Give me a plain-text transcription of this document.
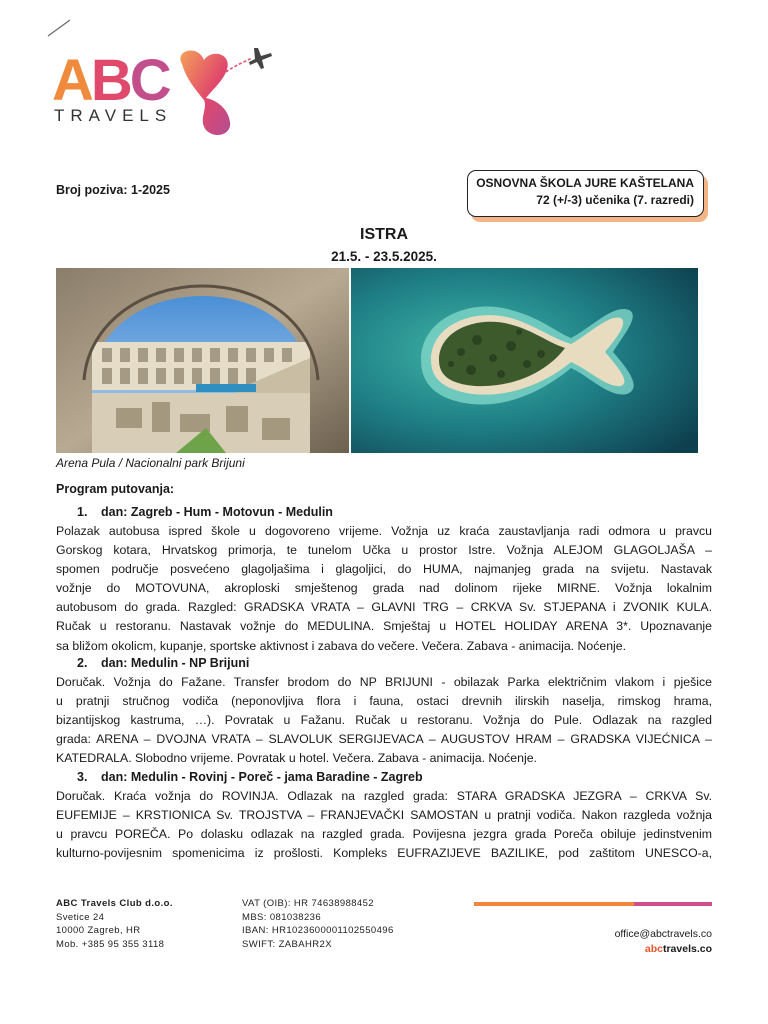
ABC
TRAVELS
Broj poziva: 1-2025	OSNOVNA ŠKOLA JURE KAŠTELANA
72 (+/-3) učenika (7. razredi)
ISTRA
21.5. - 23.5.2025.
Arena Pula / Nacionalni park Brijuni
Program putovanja:
1. dan: Zagreb - Hum - Motovun - Medulin
Polazak autobusa ispred škole u dogovoreno vrijeme. Vožnja uz kraća zaustavljanja radi odmora u pravcu
Gorskog kotara, Hrvatskog primorja, te tunelom Učka u prostor Istre. Vožnja ALEJOM GLAGOLJAŠA –
spomen područje posvećeno glagoljašima i glagoljici, do HUMA, najmanjeg grada na svijetu. Nastavak
vožnje do MOTOVUNA, akroploski smještenog grada nad dolinom rijeke MIRNE. Vožnja lokalnim
autobusom do grada. Razgled: GRADSKA VRATA – GLAVNI TRG – CRKVA Sv. STJEPANA i ZVONIK KULA.
Ručak u restoranu. Nastavak vožnje do MEDULINA. Smještaj u HOTEL HOLIDAY ARENA 3*. Upoznavanje
sa bližom okolicm, kupanje, sportske aktivnost i zabava do večere. Večera. Zabava - animacija. Noćenje.
2. dan: Medulin - NP Brijuni
Doručak. Vožnja do Fažane. Transfer brodom do NP BRIJUNI - obilazak Parka električnim vlakom i pješice
u pratnji stručnog vodiča (neponovljiva flora i fauna, ostaci drevnih ilirskih naselja, rimskog hrama,
bizantijskog kastruma, …). Povratak u Fažanu. Ručak u restoranu. Vožnja do Pule. Odlazak na razgled
grada: ARENA – DVOJNA VRATA – SLAVOLUK SERGIJEVACA – AUGUSTOV HRAM – GRADSKA VIJEĆNICA –
KATEDRALA. Slobodno vrijeme. Povratak u hotel. Večera. Zabava - animacija. Noćenje.
3. dan: Medulin - Rovinj - Poreč - jama Baradine - Zagreb
Doručak. Kraća vožnja do ROVINJA. Odlazak na razgled grada: STARA GRADSKA JEZGRA – CRKVA Sv.
EUFEMIJE – KRSTIONICA Sv. TROJSTVA – FRANJEVAČKI SAMOSTAN u pratnji vodiča. Nakon razgleda vožnja
u pravcu POREČA. Po dolasku odlazak na razgled grada. Povijesna jezgra grada Poreča obiluje jedinstvenim
kulturno-povijesnim spomenicima iz prošlosti. Kompleks EUFRAZIJEVE BAZILIKE, pod zaštitom UNESCO-a,
ABC Travels Club d.o.o.
Svetice 24
10000 Zagreb, HR
Mob. +385 95 355 3118
VAT (OIB): HR 74638988452
MBS: 081038236
IBAN: HR1023600001102550496
SWIFT: ZABAHR2X
office@abctravels.co
abctravels.co
